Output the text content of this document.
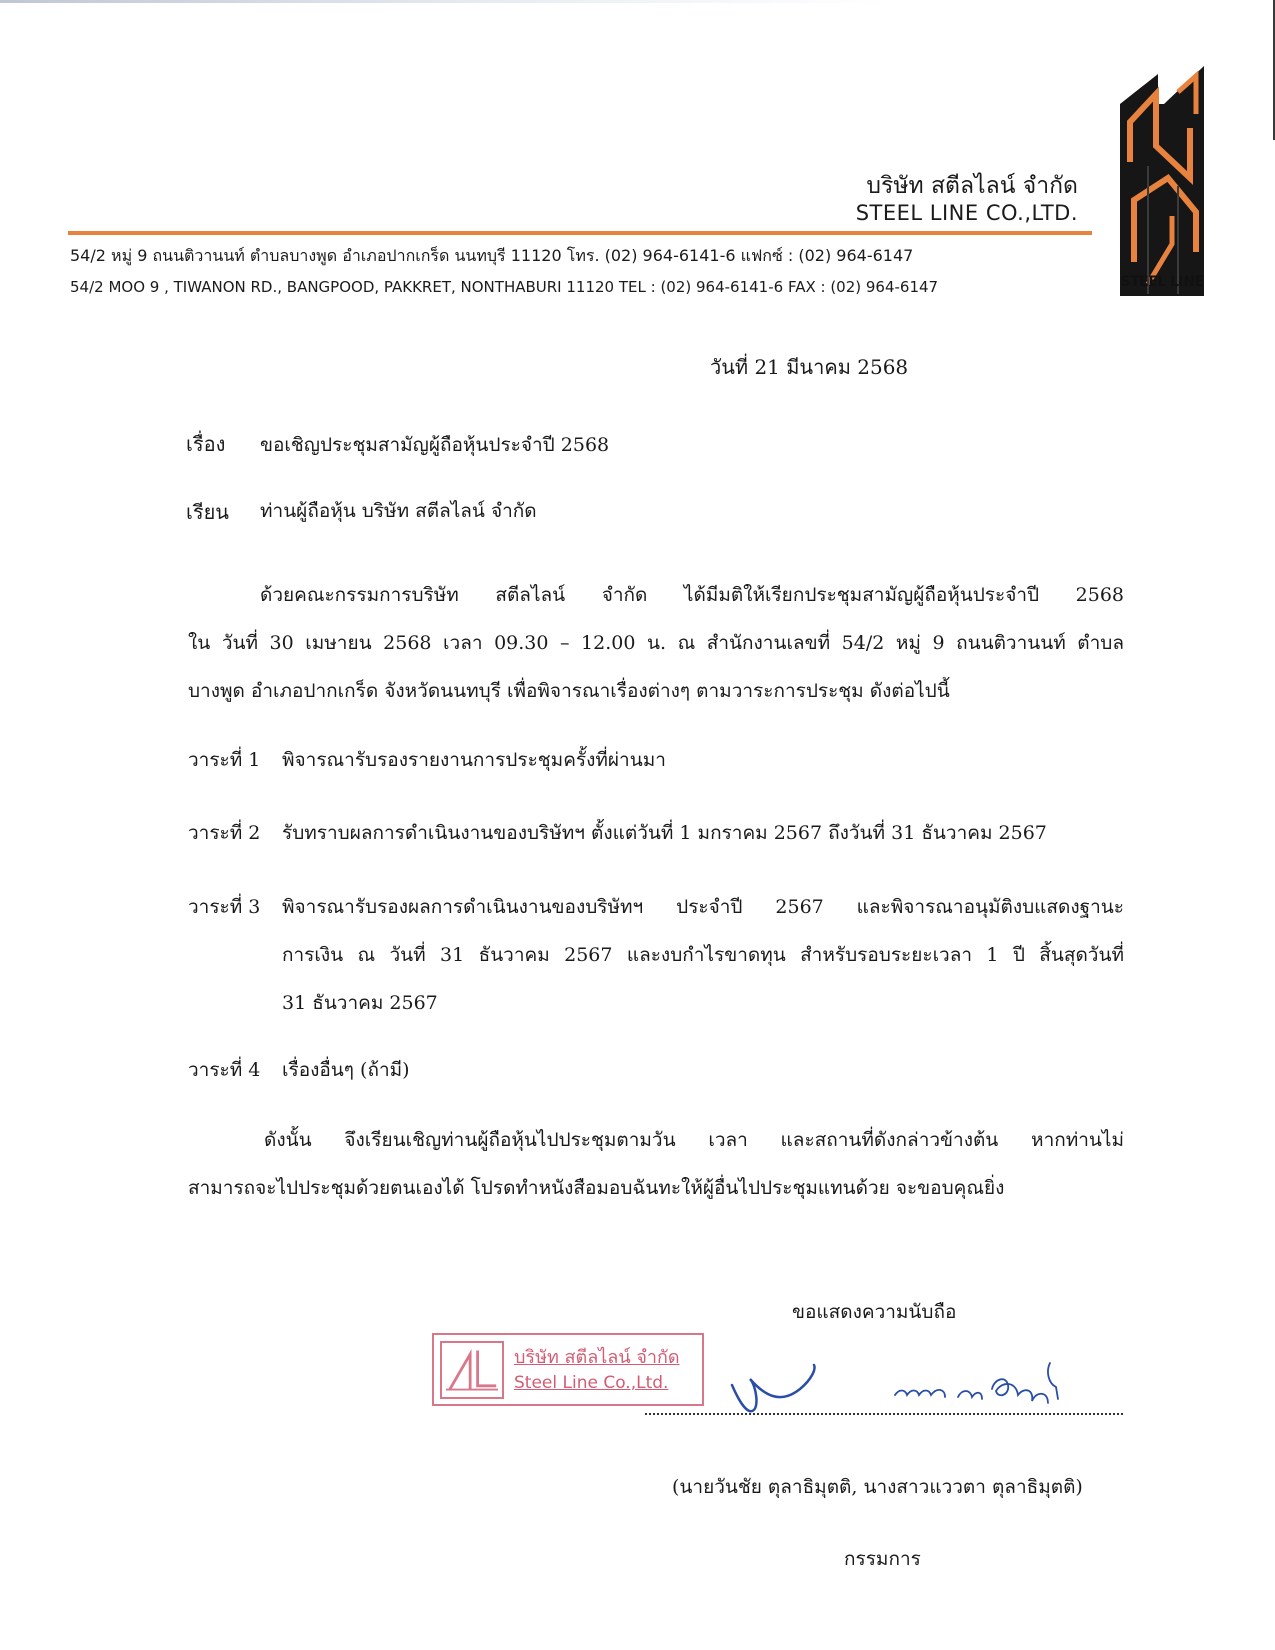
บริษัท สตีลไลน์ จำกัด
STEEL LINE CO.,LTD.
54/2 หมู่ 9 ถนนติวานนท์ ตำบลบางพูด อำเภอปากเกร็ด นนทบุรี 11120 โทร. (02) 964-6141-6 แฟกซ์ : (02) 964-6147
54/2 MOO 9 , TIWANON RD., BANGPOOD, PAKKRET, NONTHABURI 11120 TEL : (02) 964-6141-6 FAX : (02) 964-6147	STEEL LINE
วันที่ 21 มีนาคม 2568
เรื่อง ขอเชิญประชุมสามัญผู้ถือหุ้นประจำปี 2568
เรียน ท่านผู้ถือหุ้น บริษัท สตีลไลน์ จำกัด
ด้วยคณะกรรมการบริษัท สตีลไลน์ จำกัด ได้มีมติให้เรียกประชุมสามัญผู้ถือหุ้นประจำปี 2568
ใน วันที่ 30 เมษายน 2568 เวลา 09.30 – 12.00 น. ณ สำนักงานเลขที่ 54/2 หมู่ 9 ถนนติวานนท์ ตำบล
บางพูด อำเภอปากเกร็ด จังหวัดนนทบุรี เพื่อพิจารณาเรื่องต่างๆ ตามวาระการประชุม ดังต่อไปนี้
วาระที่ 1 พิจารณารับรองรายงานการประชุมครั้งที่ผ่านมา
วาระที่ 2 รับทราบผลการดำเนินงานของบริษัทฯ ตั้งแต่วันที่ 1 มกราคม 2567 ถึงวันที่ 31 ธันวาคม 2567
วาระที่ 3 พิจารณารับรองผลการดำเนินงานของบริษัทฯ ประจำปี 2567 และพิจารณาอนุมัติงบแสดงฐานะ
การเงิน ณ วันที่ 31 ธันวาคม 2567 และงบกำไรขาดทุน สำหรับรอบระยะเวลา 1 ปี สิ้นสุดวันที่
31 ธันวาคม 2567
วาระที่ 4 เรื่องอื่นๆ (ถ้ามี)
ดังนั้น จึงเรียนเชิญท่านผู้ถือหุ้นไปประชุมตามวัน เวลา และสถานที่ดังกล่าวข้างต้น หากท่านไม่
สามารถจะไปประชุมด้วยตนเองได้ โปรดทำหนังสือมอบฉันทะให้ผู้อื่นไปประชุมแทนด้วย จะขอบคุณยิ่ง
ขอแสดงความนับถือ
บริษัท สตีลไลน์ จำกัด
Steel Line Co.,Ltd.
(นายวันชัย ตุลาธิมุตติ, นางสาวแววตา ตุลาธิมุตติ)
กรรมการ
